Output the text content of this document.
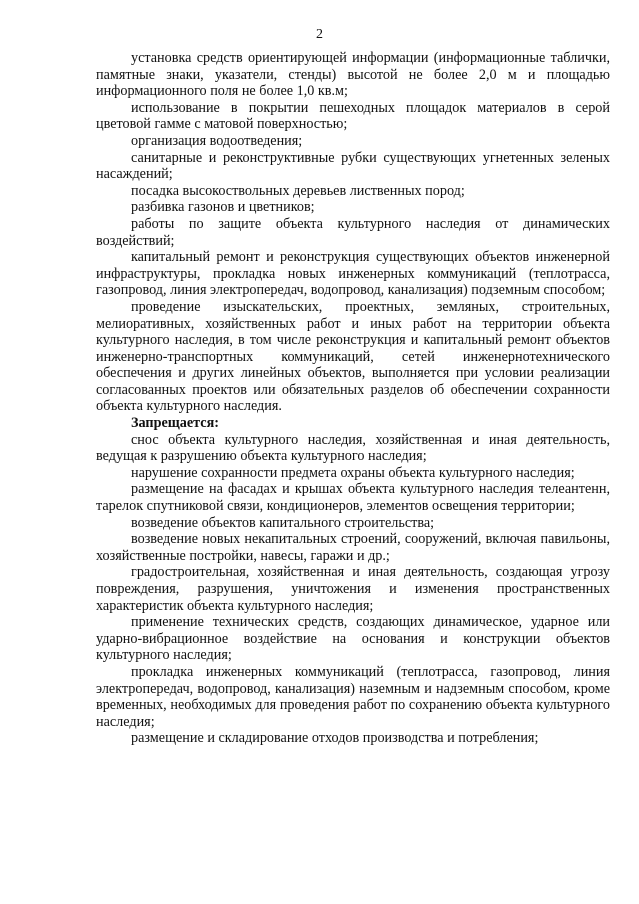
2

установка средств ориентирующей информации (информационные таблички, памятные знаки, указатели, стенды) высотой не более 2,0 м и площадью информационного поля не более 1,0 кв.м;

использование в покрытии пешеходных площадок материалов в серой цветовой гамме с матовой поверхностью;

организация водоотведения;

санитарные и реконструктивные рубки существующих угнетенных зеленых насаждений;

посадка высокоствольных деревьев лиственных пород;

разбивка газонов и цветников;

работы по защите объекта культурного наследия от динамических воздействий;

капитальный ремонт и реконструкция существующих объектов инженерной инфраструктуры, прокладка новых инженерных коммуникаций (теплотрасса, газопровод, линия электропередач, водопровод, канализация) подземным способом;

проведение изыскательских, проектных, земляных, строительных, мелиоративных, хозяйственных работ и иных работ на территории объекта культурного наследия, в том числе реконструкция и капитальный ремонт объектов инженерно-транспортных коммуникаций, сетей инженернотехнического обеспечения и других линейных объектов, выполняется при условии реализации согласованных проектов или обязательных разделов об обеспечении сохранности объекта культурного наследия.

Запрещается:

снос объекта культурного наследия, хозяйственная и иная деятельность, ведущая к разрушению объекта культурного наследия;

нарушение сохранности предмета охраны объекта культурного наследия;

размещение на фасадах и крышах объекта культурного наследия телеантенн, тарелок спутниковой связи, кондиционеров, элементов освещения территории;

возведение объектов капитального строительства;

возведение новых некапитальных строений, сооружений, включая павильоны, хозяйственные постройки, навесы, гаражи и др.;

градостроительная, хозяйственная и иная деятельность, создающая угрозу повреждения, разрушения, уничтожения и изменения пространственных характеристик объекта культурного наследия;

применение технических средств, создающих динамическое, ударное или ударно-вибрационное воздействие на основания и конструкции объектов культурного наследия;

прокладка инженерных коммуникаций (теплотрасса, газопровод, линия электропередач, водопровод, канализация) наземным и надземным способом, кроме временных, необходимых для проведения работ по сохранению объекта культурного наследия;

размещение и складирование отходов производства и потребления;
